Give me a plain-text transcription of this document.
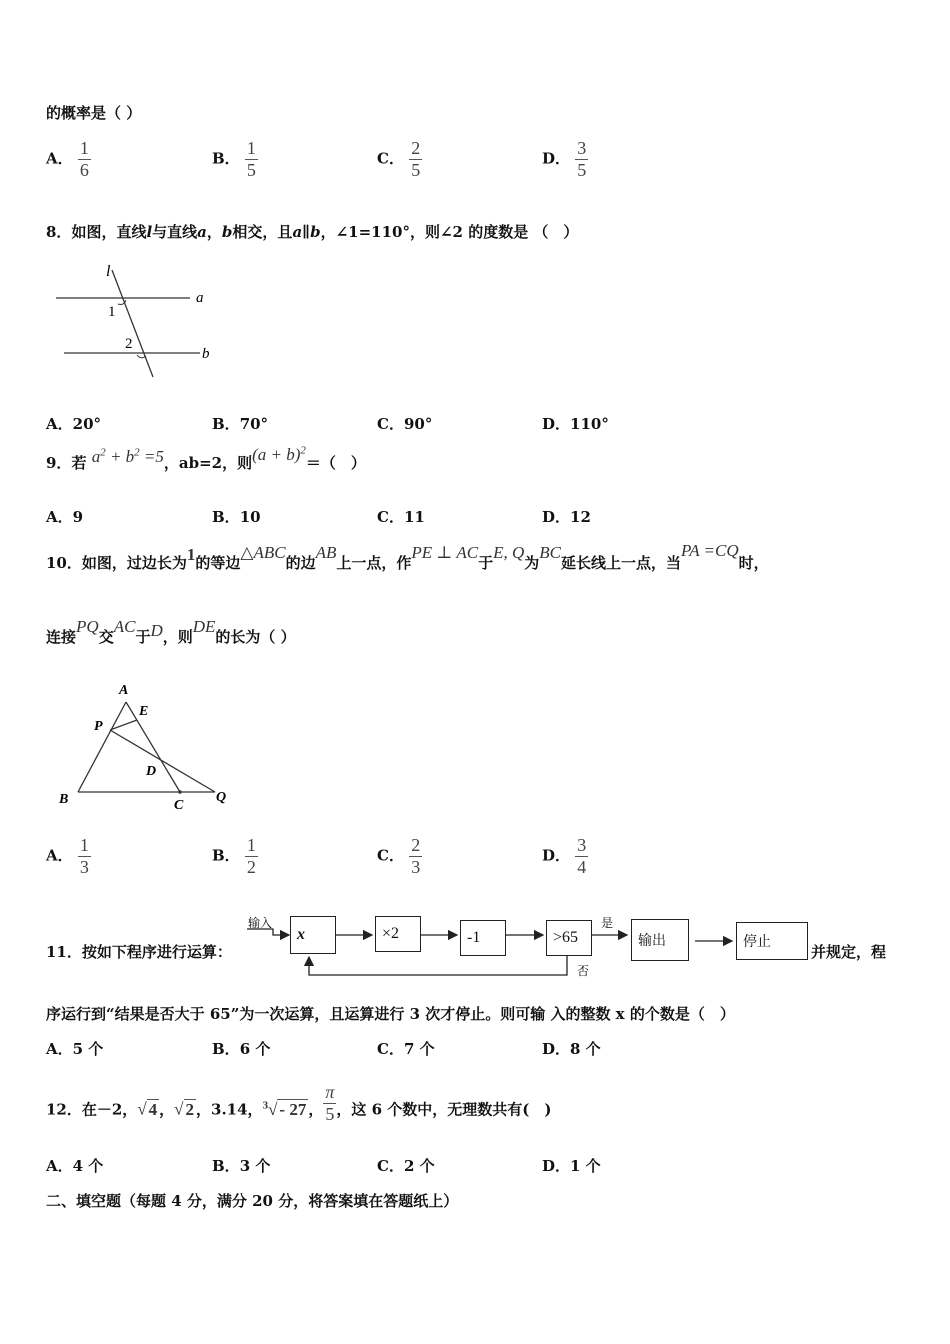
的概率是（ ）
A． $\frac{1}{6}$	B． $\frac{1}{5}$	C． $\frac{2}{5}$	D． $\frac{3}{5}$
8．如图，直线l与直线a，b相交，且a∥b，∠1=110°，则∠2 的度数是 （　）
l
a
b
1
2
A．20°	B．70°	C．90°	D．110°
9．若 $a^2 + b^2 =5$，ab=2，则$(a + b)^2=$（　）
A．9	B．10	C．11	D．12
10．如图，过边长为1的等边△ABC的边AB上一点，作PE ⊥ AC于E, Q为BC延长线上一点，当PA =CQ时，
连接PQ交AC于D，则DE的长为（ ）
A
E
P
D
B	C
Q
A． $\frac{1}{3}$	B． $\frac{1}{2}$	C． $\frac{2}{3}$	D． $\frac{3}{4}$
11．按如下程序进行运算：
输入
x	×2	-1	>65
是
否
输出	停止
并规定，程
序运行到“结果是否大于 65”为一次运算，且运算进行 3 次才停止。则可输 入的整数 x 的个数是（　）
A．5 个	B．6 个	C．7 个	D．8 个
12．在－2，√ 4 ，√ 2 ，3.14，$^3$√ - 27 ， $\frac{\pi}{5}$ ，这 6 个数中，无理数共有(　)
A．4 个	B．3 个	C．2 个	D．1 个
二、填空题（每题 4 分，满分 20 分，将答案填在答题纸上）
